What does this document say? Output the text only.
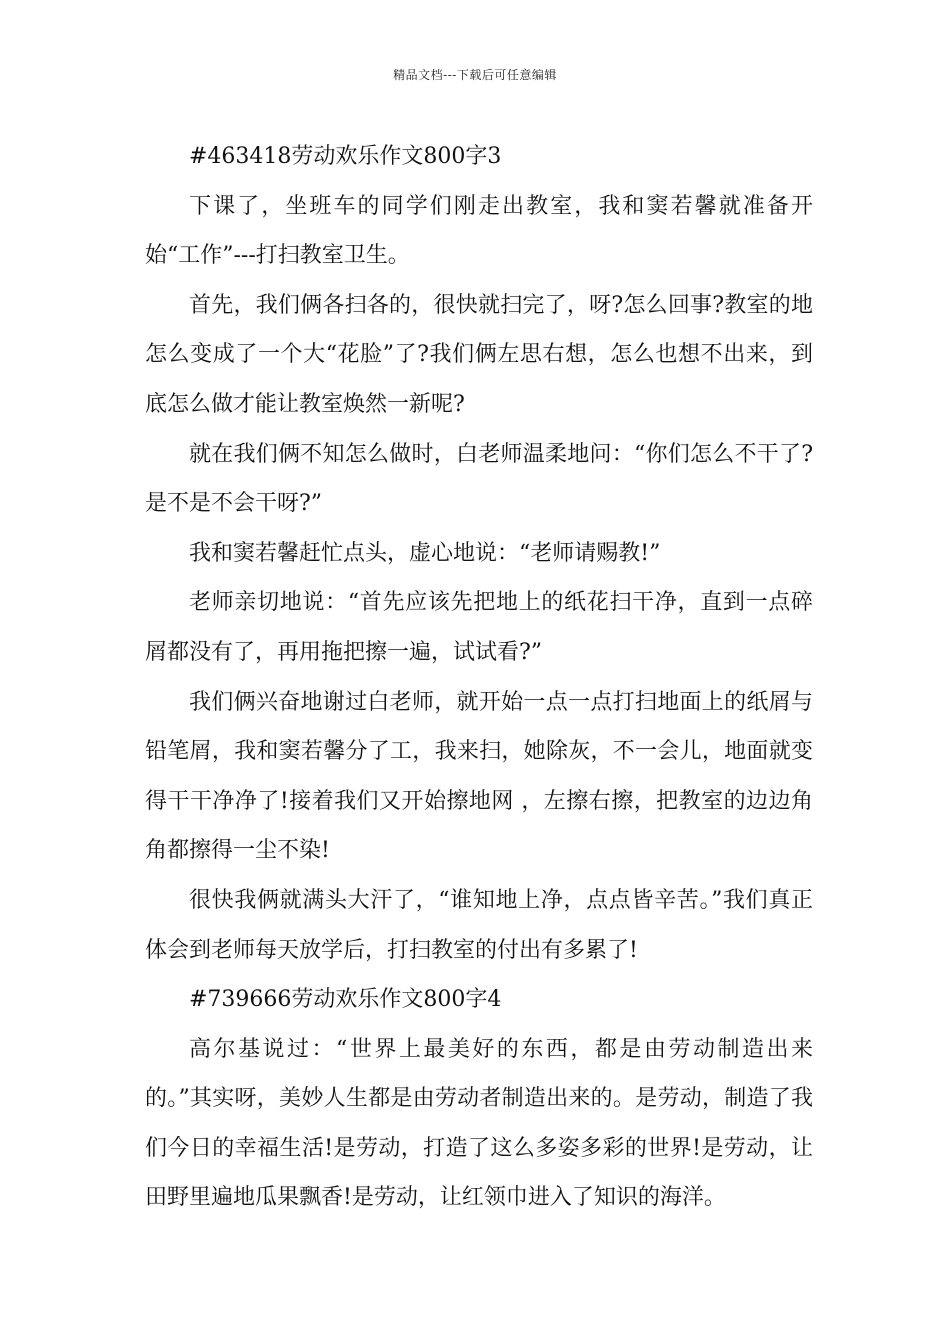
精品文档---下载后可任意编辑

#463418劳动欢乐作文800字3

下课了，坐班车的同学们刚走出教室，我和窦若馨就准备开始“工作”---打扫教室卫生。

首先，我们俩各扫各的，很快就扫完了，呀?怎么回事?教室的地怎么变成了一个大“花脸”了?我们俩左思右想，怎么也想不出来，到底怎么做才能让教室焕然一新呢?

就在我们俩不知怎么做时，白老师温柔地问：“你们怎么不干了?是不是不会干呀?”

我和窦若馨赶忙点头，虚心地说：“老师请赐教!”

老师亲切地说：“首先应该先把地上的纸花扫干净，直到一点碎屑都没有了，再用拖把擦一遍，试试看?”

我们俩兴奋地谢过白老师，就开始一点一点打扫地面上的纸屑与铅笔屑，我和窦若馨分了工，我来扫，她除灰，不一会儿，地面就变得干干净净了!接着我们又开始擦地网 ，左擦右擦，把教室的边边角角都擦得一尘不染!

很快我俩就满头大汗了，“谁知地上净，点点皆辛苦。”我们真正体会到老师每天放学后，打扫教室的付出有多累了!

#739666劳动欢乐作文800字4

高尔基说过：“世界上最美好的东西，都是由劳动制造出来的。”其实呀，美妙人生都是由劳动者制造出来的。是劳动，制造了我们今日的幸福生活!是劳动，打造了这么多姿多彩的世界!是劳动，让田野里遍地瓜果飘香!是劳动，让红领巾进入了知识的海洋。
